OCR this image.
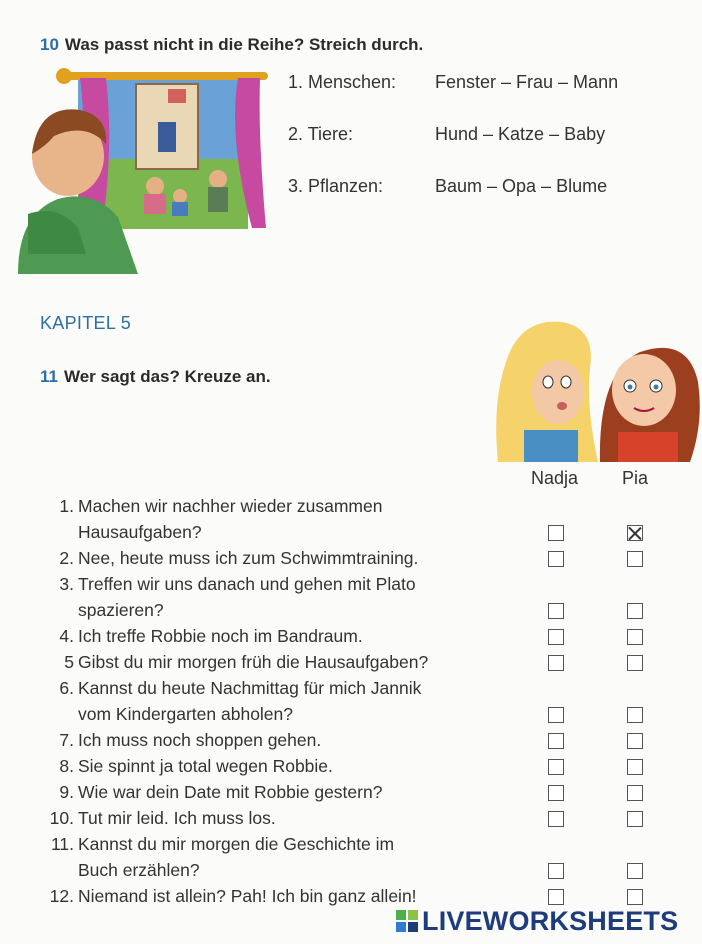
10 Was passt nicht in die Reihe? Streich durch.
1. Menschen: Fenster – Frau – Mann
2. Tiere:	Hund – Katze – Baby
3. Pflanzen:	Baum – Opa – Blume
KAPITEL 5
11 Wer sagt das? Kreuze an.
Nadja Pia
1. Machen wir nachher wieder zusammen
Hausaufgaben?
2. Nee, heute muss ich zum Schwimmtraining.
3. Treffen wir uns danach und gehen mit Plato
spazieren?
4. Ich treffe Robbie noch im Bandraum.
5 Gibst du mir morgen früh die Hausaufgaben?
6. Kannst du heute Nachmittag für mich Jannik
vom Kindergarten abholen?
7. Ich muss noch shoppen gehen.
8. Sie spinnt ja total wegen Robbie.
9. Wie war dein Date mit Robbie gestern?
10. Tut mir leid. Ich muss los.
11. Kannst du mir morgen die Geschichte im
Buch erzählen?
12. Niemand ist allein? Pah! Ich bin ganz allein!
LIVEWORKSHEETS
